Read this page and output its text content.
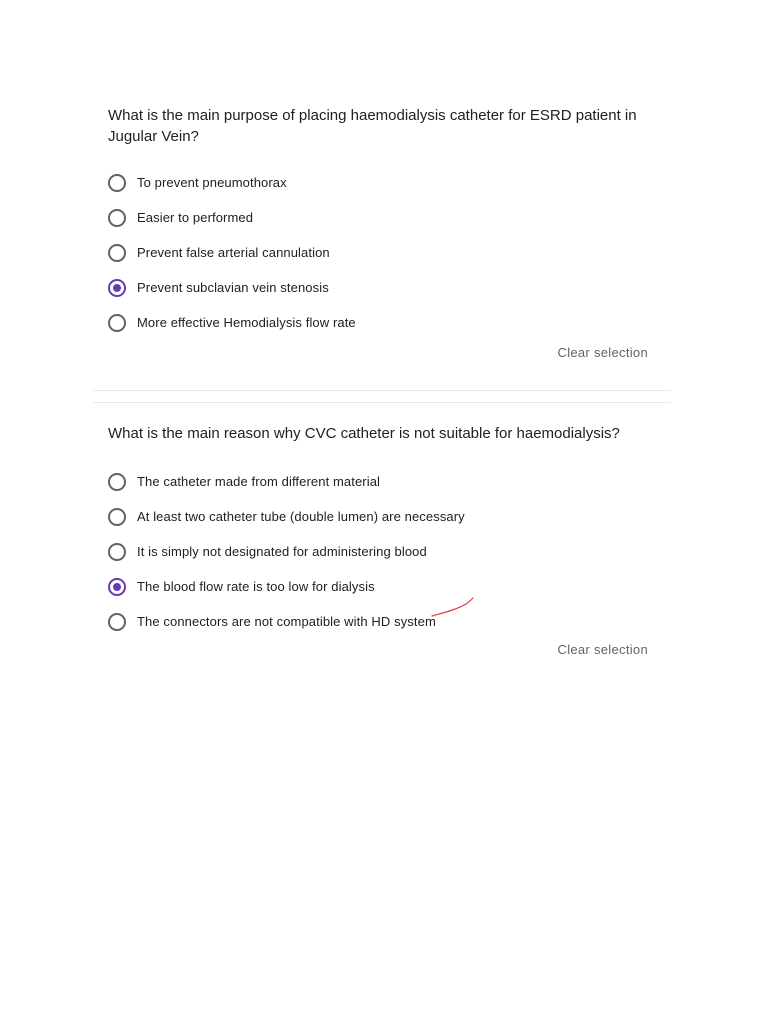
What is the main purpose of placing haemodialysis catheter for ESRD patient in Jugular Vein?

To prevent pneumothorax
Easier to performed
Prevent false arterial cannulation
Prevent subclavian vein stenosis
More effective Hemodialysis flow rate
Clear selection

What is the main reason why CVC catheter is not suitable for haemodialysis?

The catheter made from different material
At least two catheter tube (double lumen) are necessary
It is simply not designated for administering blood
The blood flow rate is too low for dialysis
The connectors are not compatible with HD system
Clear selection
